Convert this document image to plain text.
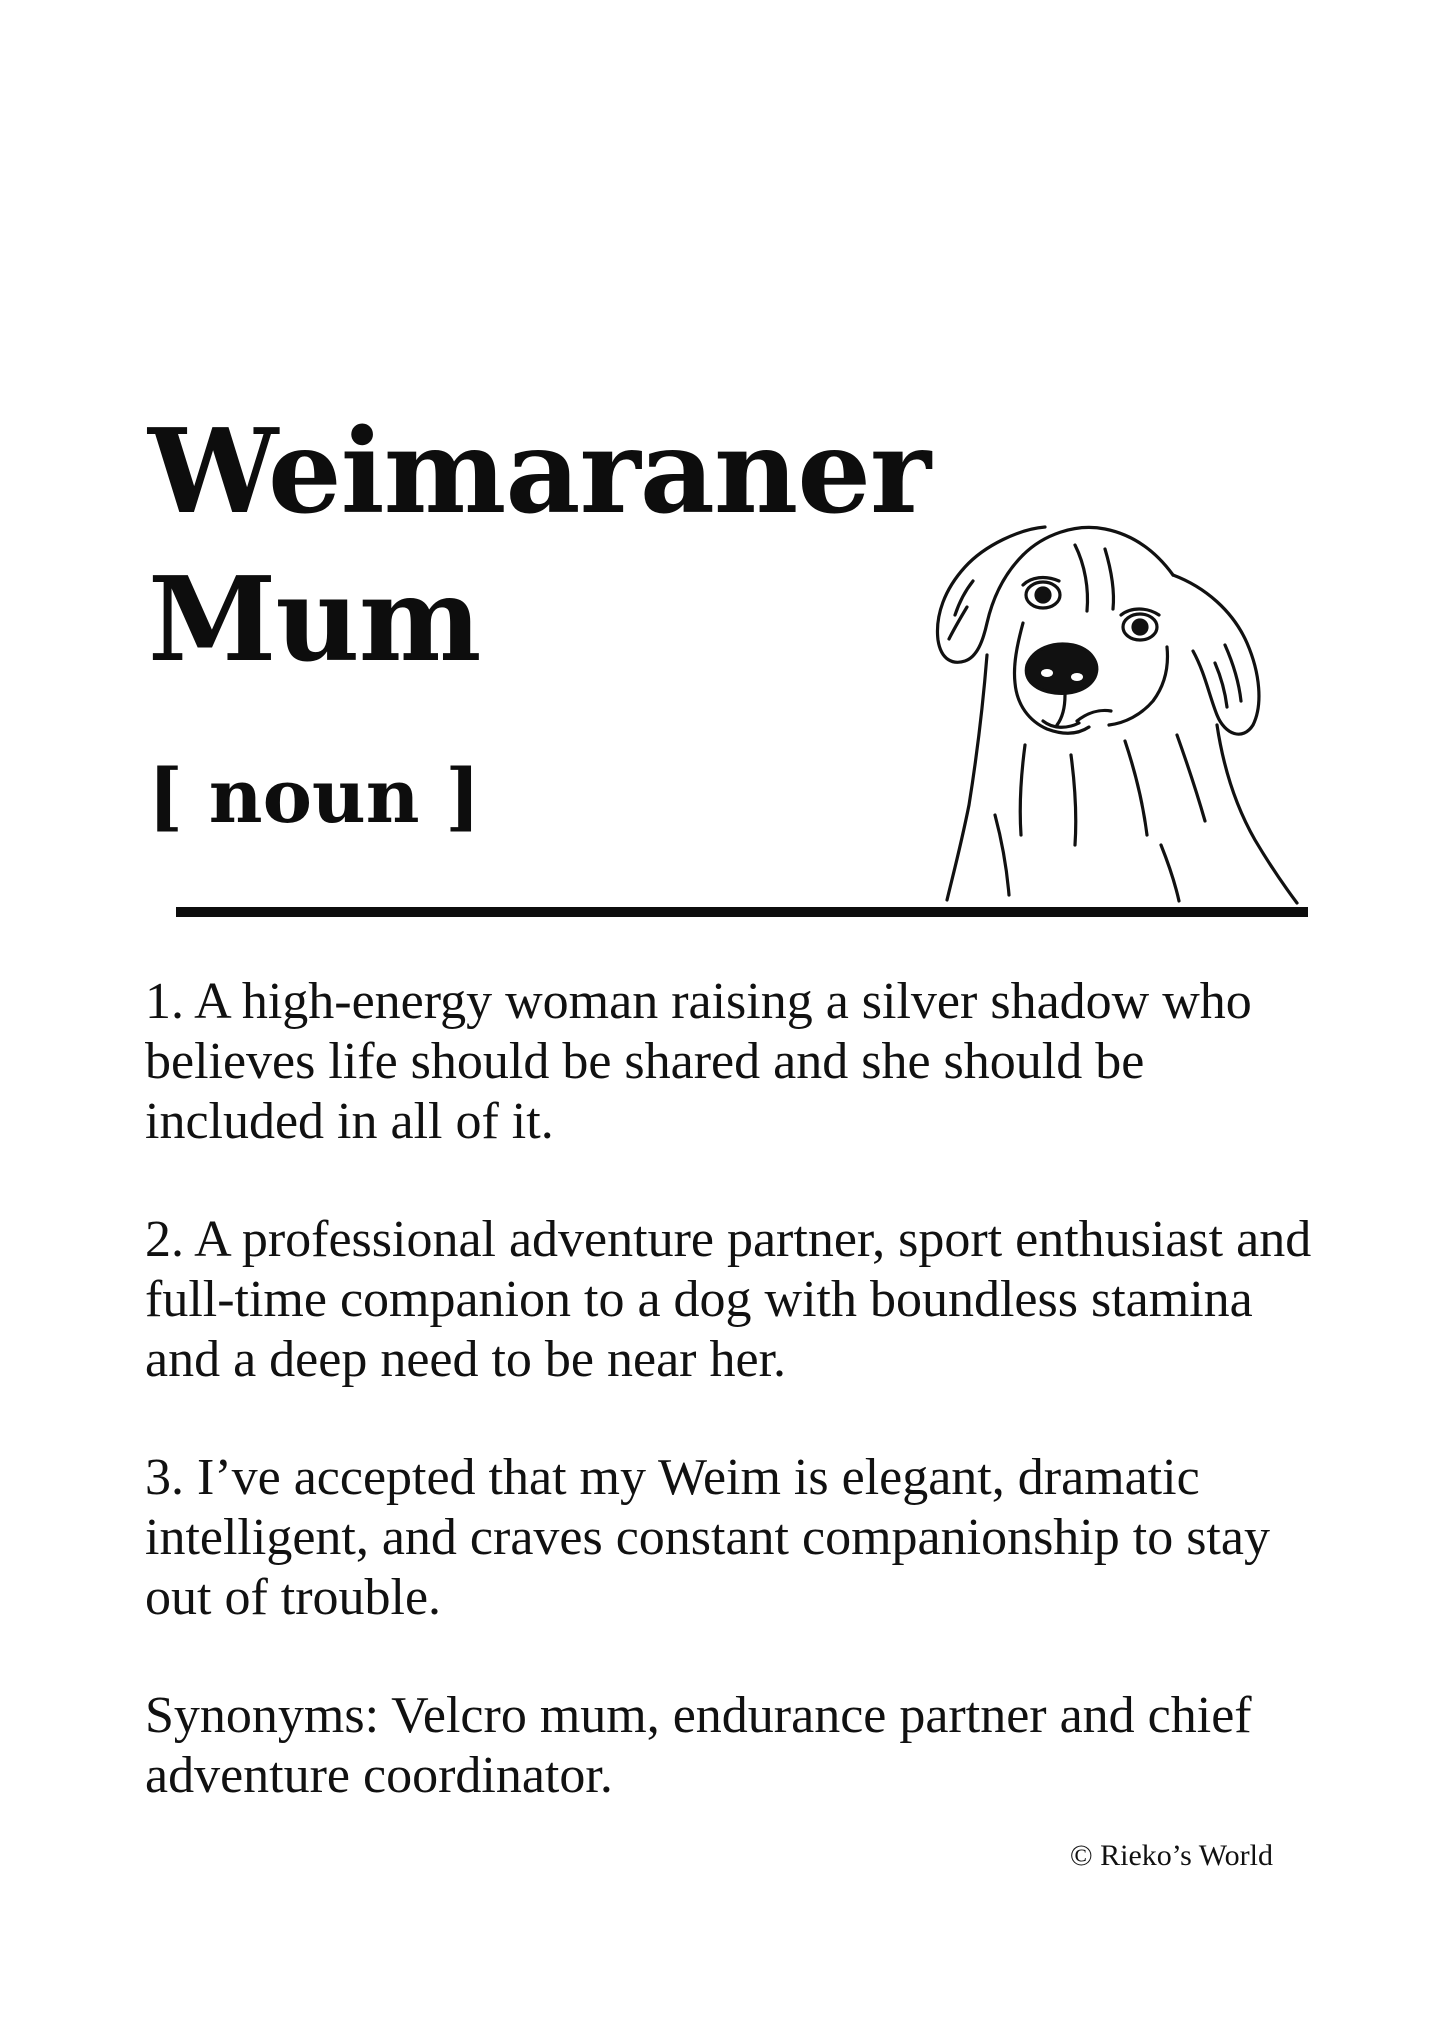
Weimaraner
Mum
[ noun ]

1. A high-energy woman raising a silver shadow who believes life should be shared and she should be included in all of it.

2. A professional adventure partner, sport enthusiast and full-time companion to a dog with boundless stamina and a deep need to be near her.

3. I’ve accepted that my Weim is elegant, dramatic intelligent, and craves constant companionship to stay out of trouble.

Synonyms: Velcro mum, endurance partner and chief adventure coordinator.

© Rieko’s World
